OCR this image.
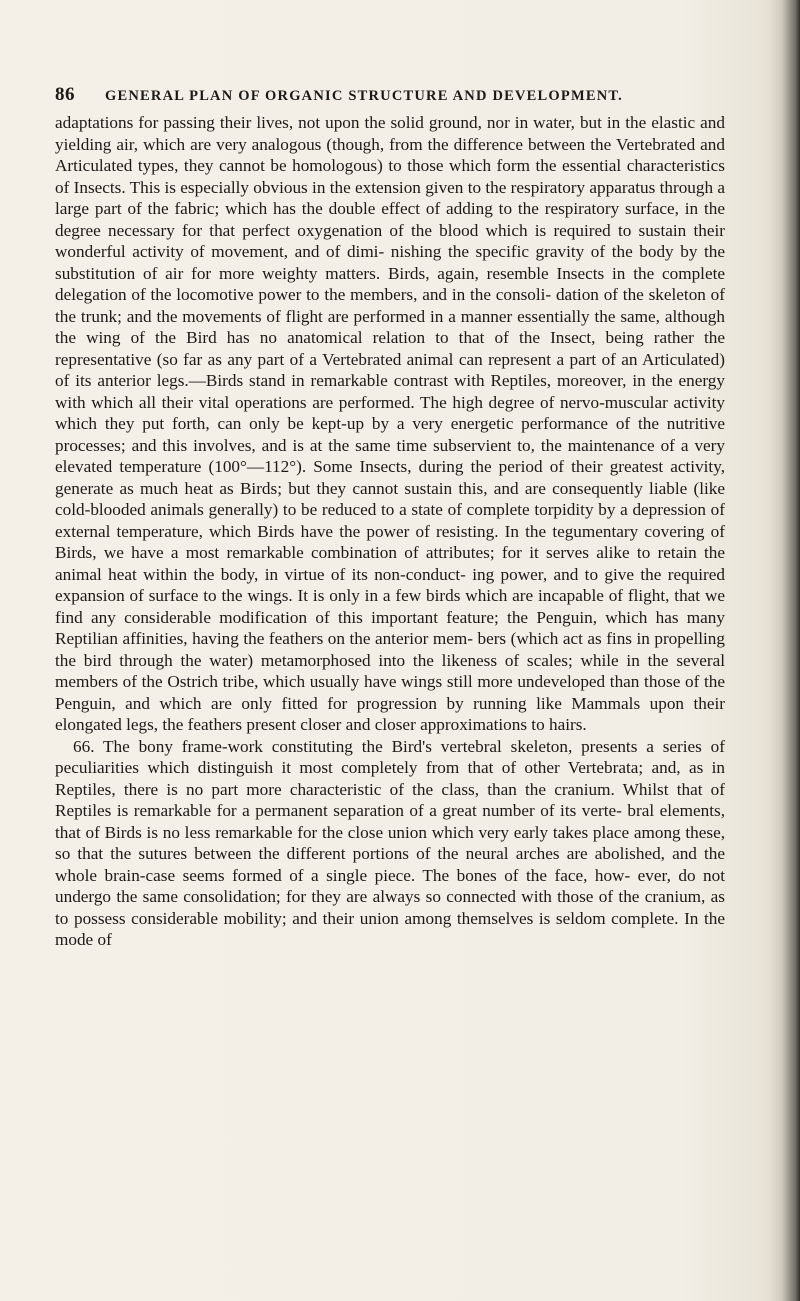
86 GENERAL PLAN OF ORGANIC STRUCTURE AND DEVELOPMENT.

adaptations for passing their lives, not upon the solid ground, nor in water, but in the elastic and yielding air, which are very analogous (though, from the difference between the Vertebrated and Articulated types, they cannot be homologous) to those which form the essential characteristics of Insects. This is especially obvious in the extension given to the respiratory apparatus through a large part of the fabric; which has the double effect of adding to the respiratory surface, in the degree necessary for that perfect oxygenation of the blood which is required to sustain their wonderful activity of movement, and of dimi- nishing the specific gravity of the body by the substitution of air for more weighty matters. Birds, again, resemble Insects in the complete delegation of the locomotive power to the members, and in the consoli- dation of the skeleton of the trunk; and the movements of flight are performed in a manner essentially the same, although the wing of the Bird has no anatomical relation to that of the Insect, being rather the representative (so far as any part of a Vertebrated animal can represent a part of an Articulated) of its anterior legs.—Birds stand in remarkable contrast with Reptiles, moreover, in the energy with which all their vital operations are performed. The high degree of nervo-muscular activity which they put forth, can only be kept-up by a very energetic performance of the nutritive processes; and this involves, and is at the same time subservient to, the maintenance of a very elevated temperature (100°—112°). Some Insects, during the period of their greatest activity, generate as much heat as Birds; but they cannot sustain this, and are consequently liable (like cold-blooded animals generally) to be reduced to a state of complete torpidity by a depression of external temperature, which Birds have the power of resisting. In the tegumentary covering of Birds, we have a most remarkable combination of attributes; for it serves alike to retain the animal heat within the body, in virtue of its non-conduct- ing power, and to give the required expansion of surface to the wings. It is only in a few birds which are incapable of flight, that we find any considerable modification of this important feature; the Penguin, which has many Reptilian affinities, having the feathers on the anterior mem- bers (which act as fins in propelling the bird through the water) metamorphosed into the likeness of scales; while in the several members of the Ostrich tribe, which usually have wings still more undeveloped than those of the Penguin, and which are only fitted for progression by running like Mammals upon their elongated legs, the feathers present closer and closer approximations to hairs.

66. The bony frame-work constituting the Bird's vertebral skeleton, presents a series of peculiarities which distinguish it most completely from that of other Vertebrata; and, as in Reptiles, there is no part more characteristic of the class, than the cranium. Whilst that of Reptiles is remarkable for a permanent separation of a great number of its verte- bral elements, that of Birds is no less remarkable for the close union which very early takes place among these, so that the sutures between the different portions of the neural arches are abolished, and the whole brain-case seems formed of a single piece. The bones of the face, how- ever, do not undergo the same consolidation; for they are always so connected with those of the cranium, as to possess considerable mobility; and their union among themselves is seldom complete. In the mode of
